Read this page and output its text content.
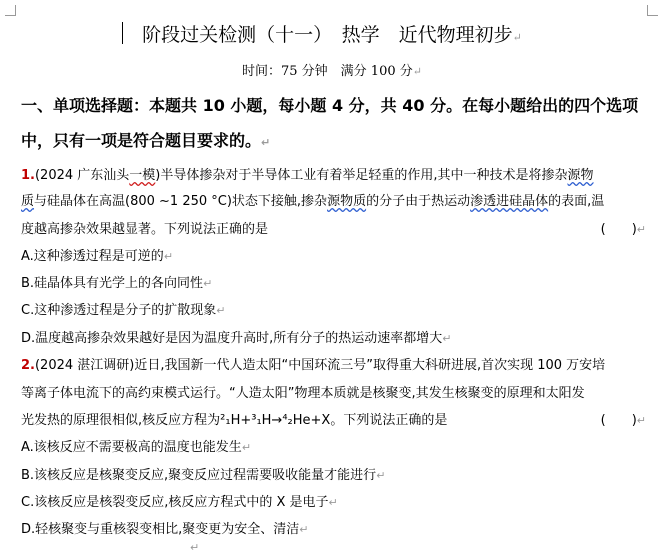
阶段过关检测（十一）　热学　近代物理初步↵
时间：75 分钟　满分 100 分↵
一、单项选择题：本题共 10 小题，每小题 4 分，共 40 分。在每小题给出的四个选项
中，只有一项是符合题目要求的。↵
1.(2024 广东汕头一模)半导体掺杂对于半导体工业有着举足轻重的作用,其中一种技术是将掺杂源物
质与硅晶体在高温(800 ~1 250 °C)状态下接触,掺杂源物质的分子由于热运动渗透进硅晶体的表面,温
度越高掺杂效果越显著。下列说法正确的是	(　　)↵
A.这种渗透过程是可逆的↵
B.硅晶体具有光学上的各向同性↵
C.这种渗透过程是分子的扩散现象↵
D.温度越高掺杂效果越好是因为温度升高时,所有分子的热运动速率都增大↵
2.(2024 湛江调研)近日,我国新一代人造太阳“中国环流三号”取得重大科研进展,首次实现 100 万安培
等离子体电流下的高约束模式运行。“人造太阳”物理本质就是核聚变,其发生核聚变的原理和太阳发
光发热的原理很相似,核反应方程为²₁H+³₁H→⁴₂He+X。下列说法正确的是	(　　)↵
A.该核反应不需要极高的温度也能发生↵
B.该核反应是核聚变反应,聚变反应过程需要吸收能量才能进行↵
C.该核反应是核裂变反应,核反应方程式中的 X 是电子↵
D.轻核聚变与重核裂变相比,聚变更为安全、清洁↵
↵
